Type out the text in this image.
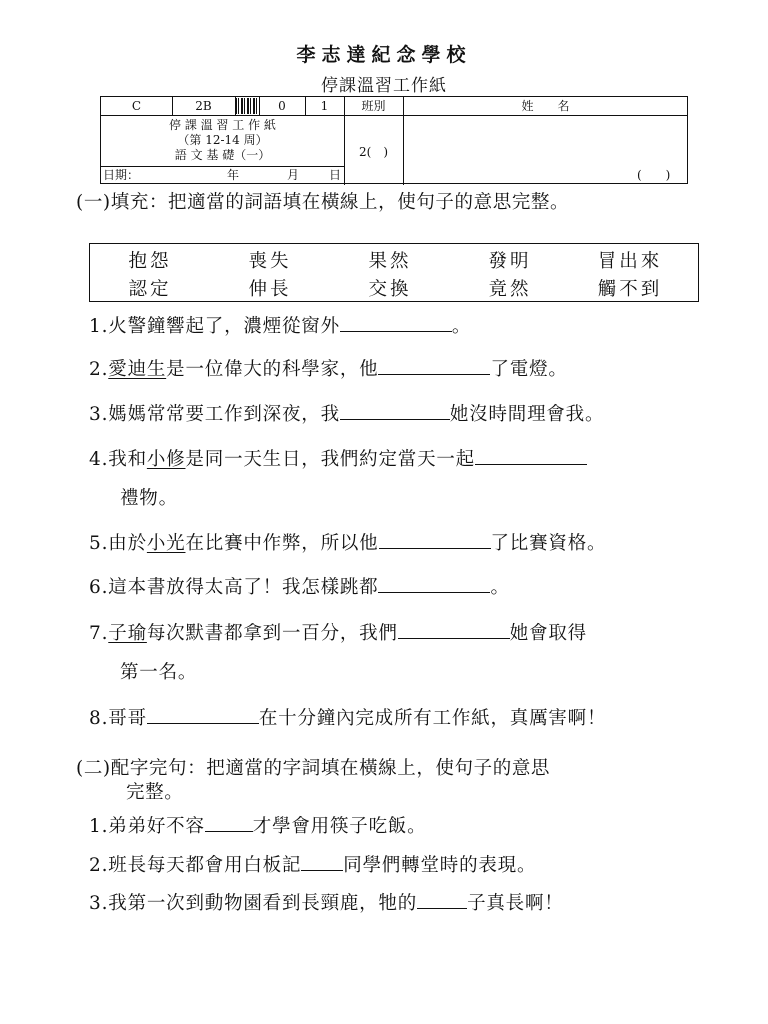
李志達紀念學校
停課溫習工作紙
C	2B	0	1	班別	姓　　名
停 課 溫 習 工 作 紙
（第 12-14 周）
語 文 基 礎（一）	2(　)
日期：	年	月 日	(　　)
(一)填充：把適當的詞語填在橫線上，使句子的意思完整。
抱怨	喪失	果然	發明	冒出來
認定	伸長	交換	竟然	觸不到
1.火警鐘響起了，濃煙從窗外	。
2.愛迪生是一位偉大的科學家，他	了電燈。
3.媽媽常常要工作到深夜，我	她沒時間理會我。
4.我和小修是同一天生日，我們約定當天一起
禮物。
5.由於小光在比賽中作弊，所以他	了比賽資格。
6.這本書放得太高了！我怎樣跳都	。
7.子瑜每次默書都拿到一百分，我們	她會取得
第一名。
8.哥哥	在十分鐘內完成所有工作紙，真厲害啊！
(二)配字完句：把適當的字詞填在橫線上，使句子的意思
完整。
1.弟弟好不容	才學會用筷子吃飯。
2.班長每天都會用白板記 同學們轉堂時的表現。
3.我第一次到動物園看到長頸鹿，牠的	子真長啊！
